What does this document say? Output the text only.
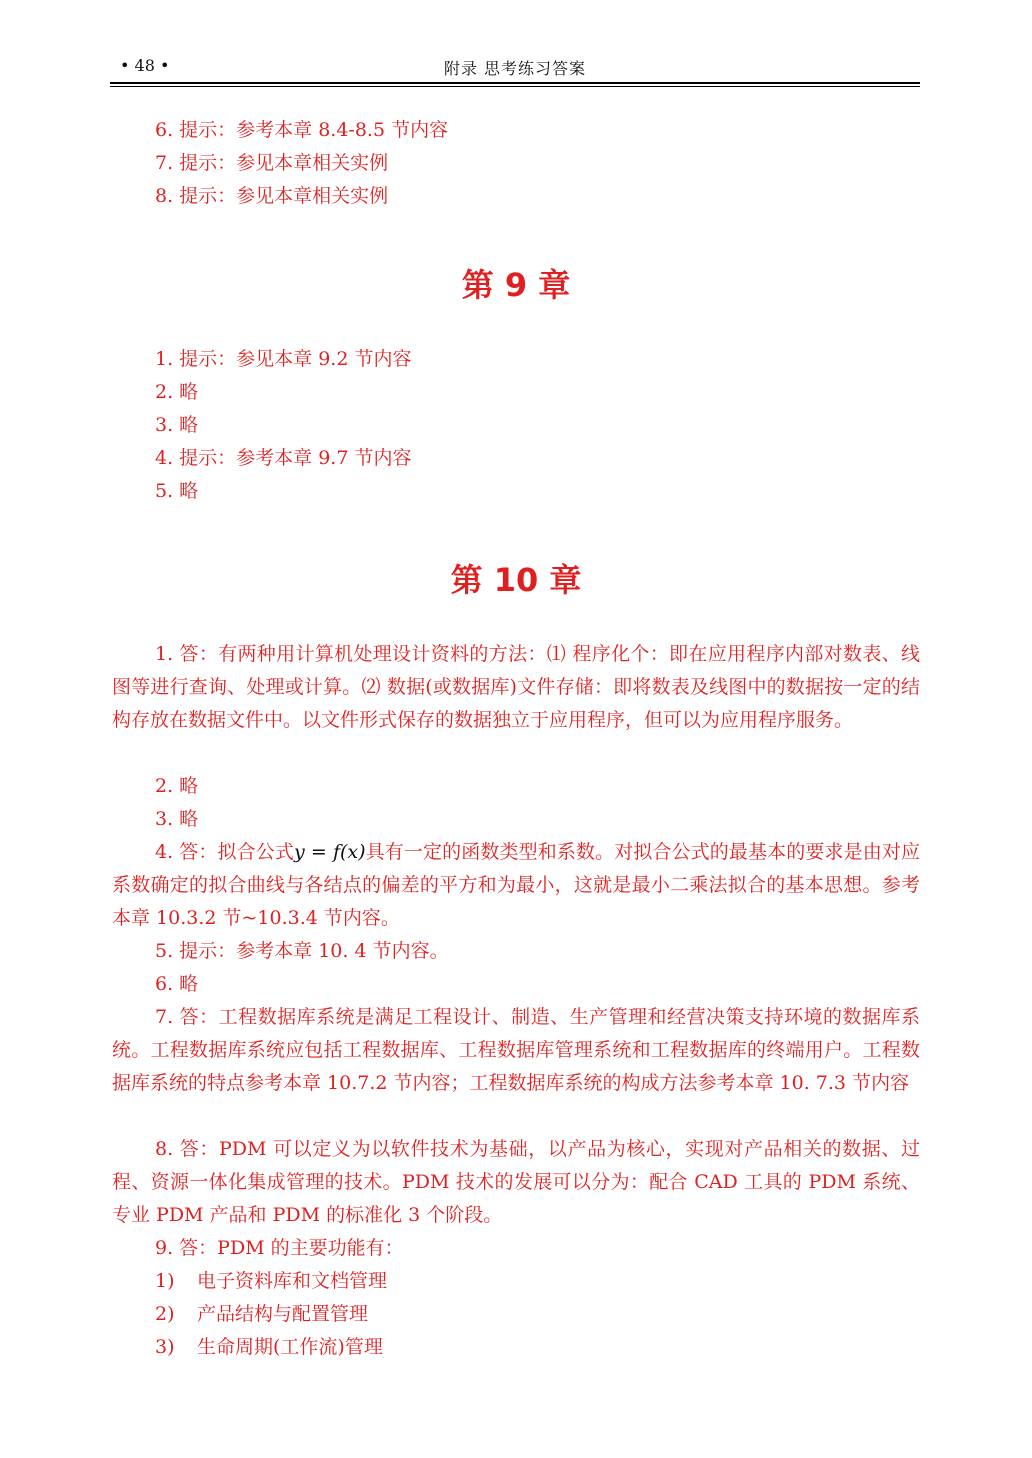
• 48 •	附录 思考练习答案
6. 提示：参考本章 8.4-8.5 节内容
7. 提示：参见本章相关实例
8. 提示：参见本章相关实例
第 9 章
1. 提示：参见本章 9.2 节内容
2. 略
3. 略
4. 提示：参考本章 9.7 节内容
5. 略
第 10 章
1. 答：有两种用计算机处理设计资料的方法：⑴ 程序化个：即在应用程序内部对数表、线图等进行查询、处理或计算。⑵ 数据(或数据库)文件存储：即将数表及线图中的数据按一定的结构存放在数据文件中。以文件形式保存的数据独立于应用程序，但可以为应用程序服务。
2. 略
3. 略
4. 答：拟合公式y = f(x)具有一定的函数类型和系数。对拟合公式的最基本的要求是由对应系数确定的拟合曲线与各结点的偏差的平方和为最小，这就是最小二乘法拟合的基本思想。参考本章 10.3.2 节~10.3.4 节内容。
5. 提示：参考本章 10. 4 节内容。
6. 略
7. 答：工程数据库系统是满足工程设计、制造、生产管理和经营决策支持环境的数据库系统。工程数据库系统应包括工程数据库、工程数据库管理系统和工程数据库的终端用户。工程数据库系统的特点参考本章 10.7.2 节内容；工程数据库系统的构成方法参考本章 10. 7.3 节内容
8. 答：PDM 可以定义为以软件技术为基础，以产品为核心，实现对产品相关的数据、过程、资源一体化集成管理的技术。PDM 技术的发展可以分为：配合 CAD 工具的 PDM 系统、专业 PDM 产品和 PDM 的标准化 3 个阶段。
9. 答：PDM 的主要功能有：
1) 电子资料库和文档管理
2) 产品结构与配置管理
3) 生命周期(工作流)管理
